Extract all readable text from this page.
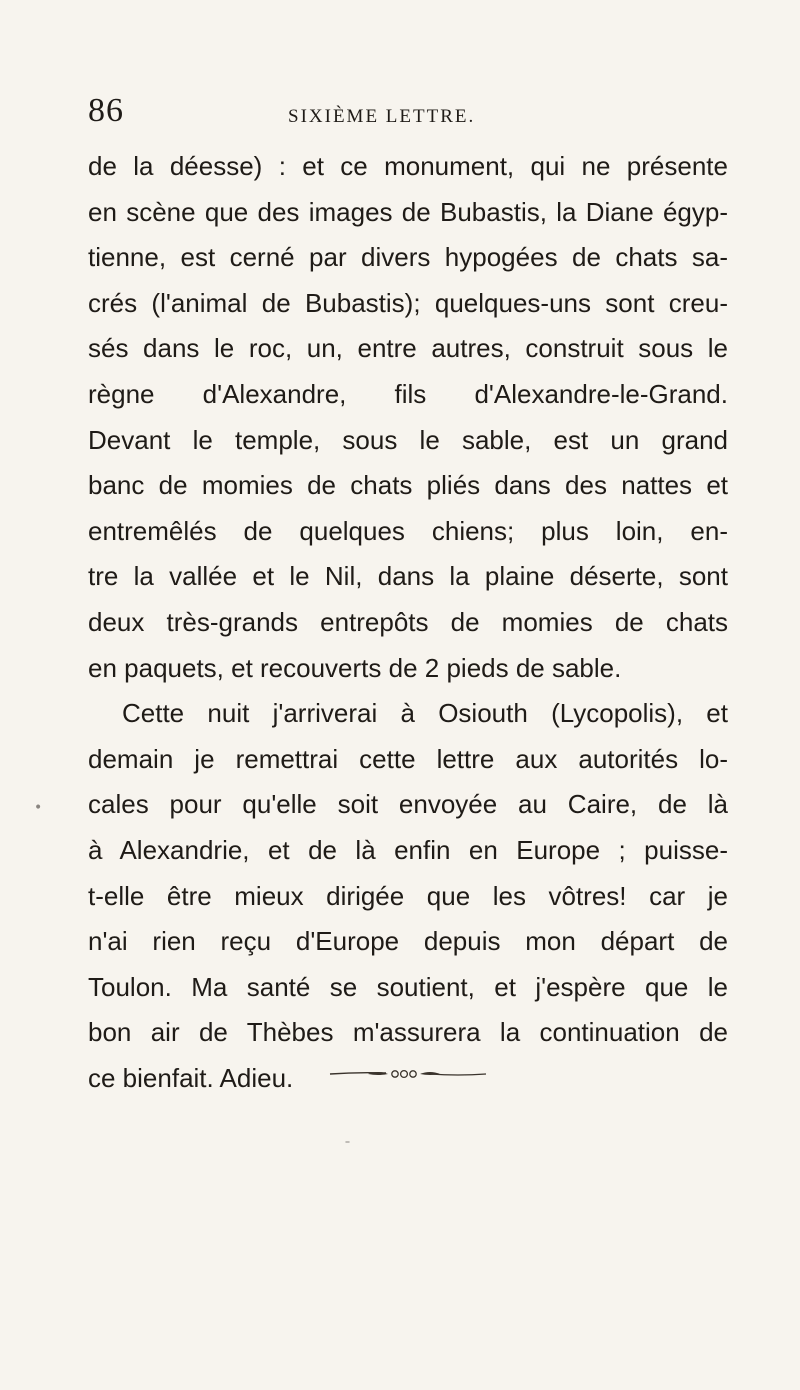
86	SIXIÈME LETTRE.
de la déesse) : et ce monument, qui ne présente
en scène que des images de Bubastis, la Diane égyp-
tienne, est cerné par divers hypogées de chats sa-
crés (l'animal de Bubastis); quelques-uns sont creu-
sés dans le roc, un, entre autres, construit sous le
règne d'Alexandre, fils d'Alexandre-le-Grand.
Devant le temple, sous le sable, est un grand
banc de momies de chats pliés dans des nattes et
entremêlés de quelques chiens; plus loin, en-
tre la vallée et le Nil, dans la plaine déserte, sont
deux très-grands entrepôts de momies de chats
en paquets, et recouverts de 2 pieds de sable.
Cette nuit j'arriverai à Osiouth (Lycopolis), et
demain je remettrai cette lettre aux autorités lo-
cales pour qu'elle soit envoyée au Caire, de là
à Alexandrie, et de là enfin en Europe ; puisse-
t-elle être mieux dirigée que les vôtres! car je
n'ai rien reçu d'Europe depuis mon départ de
Toulon. Ma santé se soutient, et j'espère que le
bon air de Thèbes m'assurera la continuation de
ce bienfait. Adieu.
•
ˉ
